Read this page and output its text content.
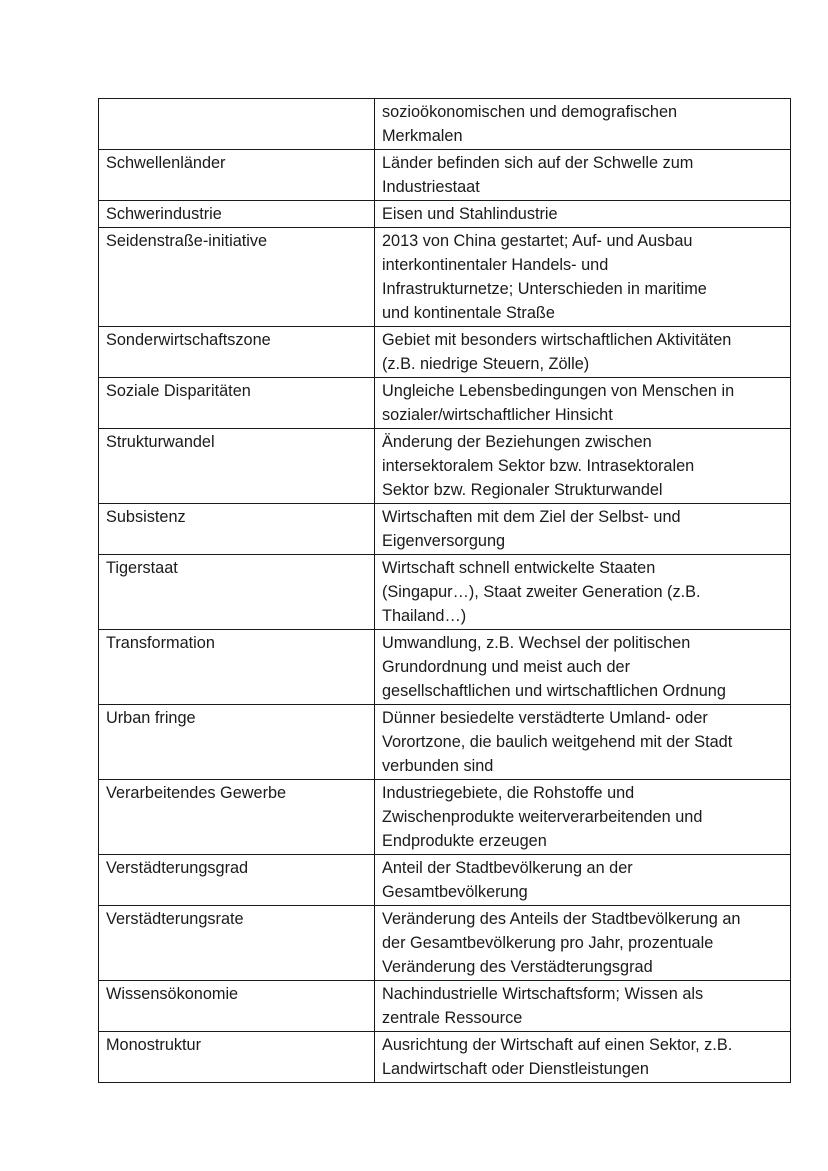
	sozioökonomischen und demografischen
Merkmalen
Schwellenländer	Länder befinden sich auf der Schwelle zum
Industriestaat
Schwerindustrie	Eisen und Stahlindustrie
Seidenstraße-initiative	2013 von China gestartet; Auf- und Ausbau
interkontinentaler Handels- und
Infrastrukturnetze; Unterschieden in maritime
und kontinentale Straße
Sonderwirtschaftszone	Gebiet mit besonders wirtschaftlichen Aktivitäten
(z.B. niedrige Steuern, Zölle)
Soziale Disparitäten	Ungleiche Lebensbedingungen von Menschen in
sozialer/wirtschaftlicher Hinsicht
Strukturwandel	Änderung der Beziehungen zwischen
intersektoralem Sektor bzw. Intrasektoralen
Sektor bzw. Regionaler Strukturwandel
Subsistenz	Wirtschaften mit dem Ziel der Selbst- und
Eigenversorgung
Tigerstaat	Wirtschaft schnell entwickelte Staaten
(Singapur…), Staat zweiter Generation (z.B.
Thailand…)
Transformation	Umwandlung, z.B. Wechsel der politischen
Grundordnung und meist auch der
gesellschaftlichen und wirtschaftlichen Ordnung
Urban fringe	Dünner besiedelte verstädterte Umland- oder
Vorortzone, die baulich weitgehend mit der Stadt
verbunden sind
Verarbeitendes Gewerbe	Industriegebiete, die Rohstoffe und
Zwischenprodukte weiterverarbeitenden und
Endprodukte erzeugen
Verstädterungsgrad	Anteil der Stadtbevölkerung an der
Gesamtbevölkerung
Verstädterungsrate	Veränderung des Anteils der Stadtbevölkerung an
der Gesamtbevölkerung pro Jahr, prozentuale
Veränderung des Verstädterungsgrad
Wissensökonomie	Nachindustrielle Wirtschaftsform; Wissen als
zentrale Ressource
Monostruktur	Ausrichtung der Wirtschaft auf einen Sektor, z.B.
Landwirtschaft oder Dienstleistungen
